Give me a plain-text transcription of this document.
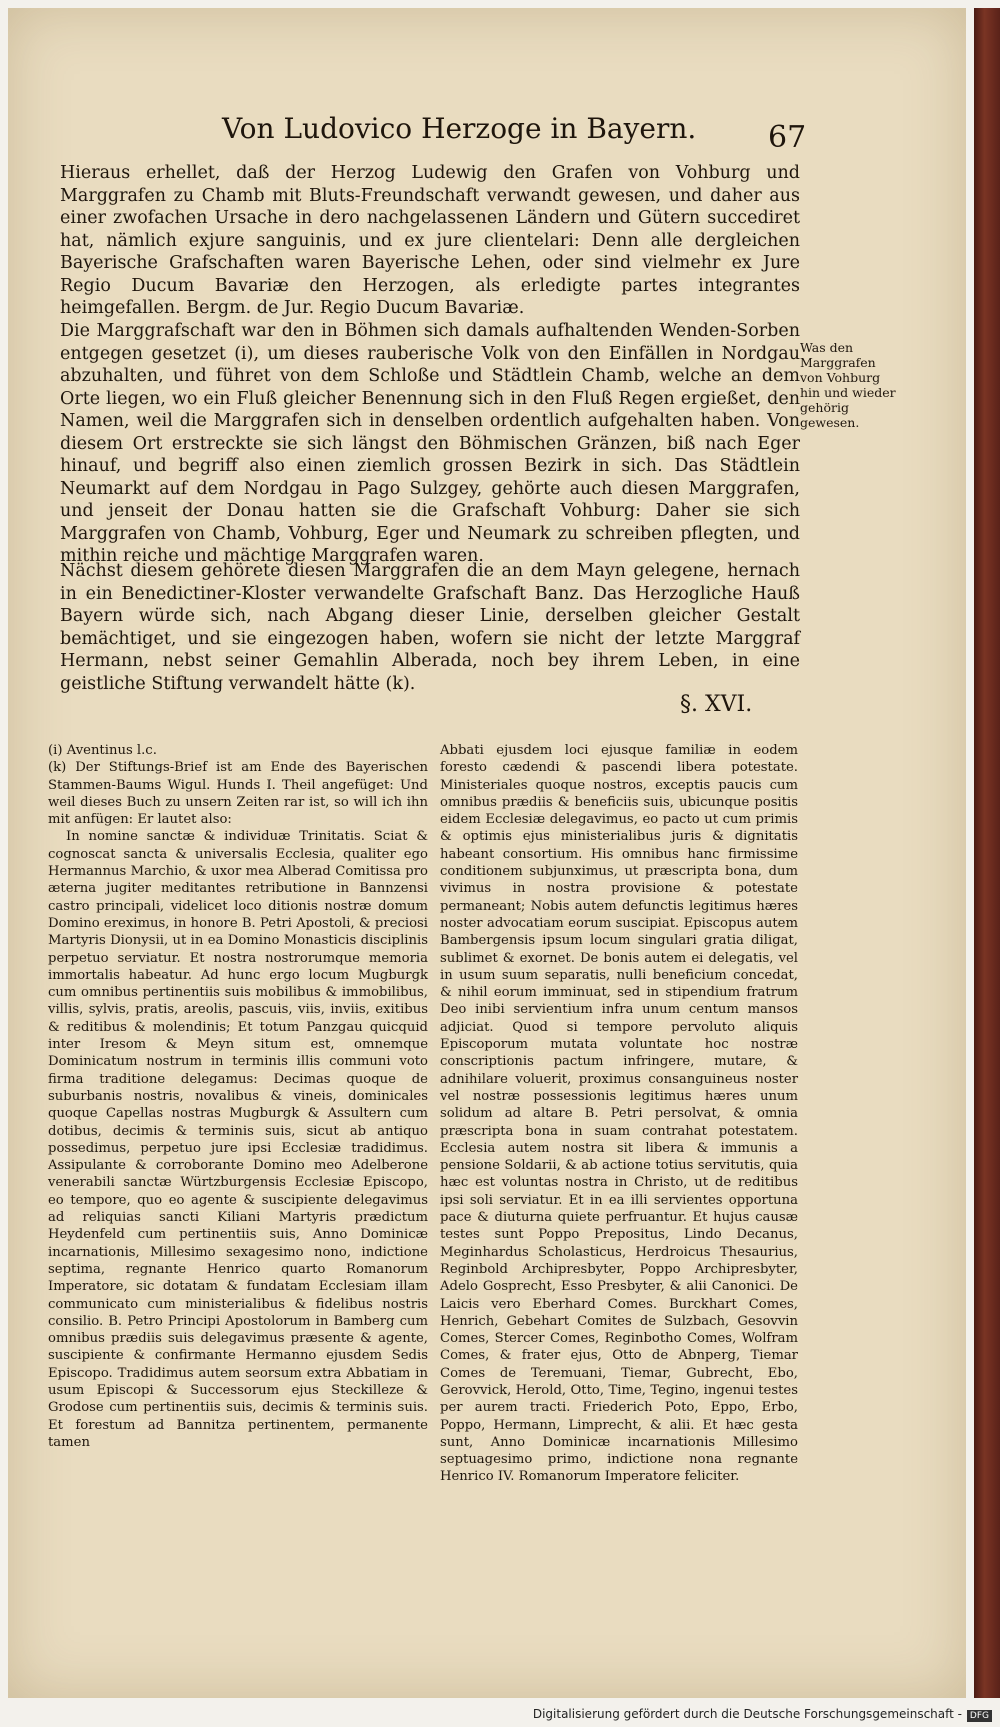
Von Ludovico Herzoge in Bayern.	67
Hieraus erhellet, daß der Herzog Ludewig den Grafen von Vohburg und Marggrafen zu Chamb mit Bluts-Freundschaft verwandt gewesen, und daher aus einer zwofachen Ursache in dero nachgelassenen Ländern und Gütern succediret hat, nämlich exjure sanguinis, und ex jure clientelari: Denn alle dergleichen Bayerische Grafschaften waren Bayerische Lehen, oder sind vielmehr ex Jure Regio Ducum Bavariæ den Herzogen, als erledigte partes integrantes heimgefallen. Bergm. de Jur. Regio Ducum Bavariæ.
Die Marggrafschaft war den in Böhmen sich damals aufhaltenden Wenden-Sorben entgegen gesetzet (i), um dieses rauberische Volk von den Einfällen in Nordgau abzuhalten, und führet von dem Schloße und Städtlein Chamb, welche an dem Orte liegen, wo ein Fluß gleicher Benennung sich in den Fluß Regen ergießet, den Namen, weil die Marggrafen sich in denselben ordentlich aufgehalten haben. Von diesem Ort erstreckte sie sich längst den Böhmischen Gränzen, biß nach Eger hinauf, und begriff also einen ziemlich grossen Bezirk in sich. Das Städtlein Neumarkt auf dem Nordgau in Pago Sulzgey, gehörte auch diesen Marggrafen, und jenseit der Donau hatten sie die Grafschaft Vohburg: Daher sie sich Marggrafen von Chamb, Vohburg, Eger und Neumark zu schreiben pflegten, und mithin reiche und mächtige Marggrafen waren.
Was den Marggrafen von Vohburg hin und wieder gehörig gewesen.
Nächst diesem gehörete diesen Marggrafen die an dem Mayn gelegene, hernach in ein Benedictiner-Kloster verwandelte Grafschaft Banz. Das Herzogliche Hauß Bayern würde sich, nach Abgang dieser Linie, derselben gleicher Gestalt bemächtiget, und sie eingezogen haben, wofern sie nicht der letzte Marggraf Hermann, nebst seiner Gemahlin Alberada, noch bey ihrem Leben, in eine geistliche Stiftung verwandelt hätte (k).
§. XVI.

(i) Aventinus l.c.

(k) Der Stiftungs-Brief ist am Ende des Bayerischen Stammen-Baums Wigul. Hunds I. Theil angefüget: Und weil dieses Buch zu unsern Zeiten rar ist, so will ich ihn mit anfügen: Er lautet also:

In nomine sanctæ & individuæ Trinitatis. Sciat & cognoscat sancta & universalis Ecclesia, qualiter ego Hermannus Marchio, & uxor mea Alberad Comitissa pro æterna jugiter meditantes retributione in Bannzensi castro principali, videlicet loco ditionis nostræ domum Domino ereximus, in honore B. Petri Apostoli, & preciosi Martyris Dionysii, ut in ea Domino Monasticis disciplinis perpetuo serviatur. Et nostra nostrorumque memoria immortalis habeatur. Ad hunc ergo locum Mugburgk cum omnibus pertinentiis suis mobilibus & immobilibus, villis, sylvis, pratis, areolis, pascuis, viis, inviis, exitibus & reditibus & molendinis; Et totum Panzgau quicquid inter Iresom & Meyn situm est, omnemque Dominicatum nostrum in terminis illis communi voto firma traditione delegamus: Decimas quoque de suburbanis nostris, novalibus & vineis, dominicales quoque Capellas nostras Mugburgk & Assultern cum dotibus, decimis & terminis suis, sicut ab antiquo possedimus, perpetuo jure ipsi Ecclesiæ tradidimus. Assipulante & corroborante Domino meo Adelberone venerabili sanctæ Würtzburgensis Ecclesiæ Episcopo, eo tempore, quo eo agente & suscipiente delegavimus ad reliquias sancti Kiliani Martyris prædictum Heydenfeld cum pertinentiis suis, Anno Dominicæ incarnationis, Millesimo sexagesimo nono, indictione septima, regnante Henrico quarto Romanorum Imperatore, sic dotatam & fundatam Ecclesiam illam communicato cum ministerialibus & fidelibus nostris consilio. B. Petro Principi Apostolorum in Bamberg cum omnibus prædiis suis delegavimus præsente & agente, suscipiente & confirmante Hermanno ejusdem Sedis Episcopo. Tradidimus autem seorsum extra Abbatiam in usum Episcopi & Successorum ejus Steckilleze & Grodose cum pertinentiis suis, decimis & terminis suis. Et forestum ad Bannitza pertinentem, permanente tamen

Abbati ejusdem loci ejusque familiæ in eodem foresto cædendi & pascendi libera potestate. Ministeriales quoque nostros, exceptis paucis cum omnibus prædiis & beneficiis suis, ubicunque positis eidem Ecclesiæ delegavimus, eo pacto ut cum primis & optimis ejus ministerialibus juris & dignitatis habeant consortium. His omnibus hanc firmissime conditionem subjunximus, ut præscripta bona, dum vivimus in nostra provisione & potestate permaneant; Nobis autem defunctis legitimus hæres noster advocatiam eorum suscipiat. Episcopus autem Bambergensis ipsum locum singulari gratia diligat, sublimet & exornet. De bonis autem ei delegatis, vel in usum suum separatis, nulli beneficium concedat, & nihil eorum imminuat, sed in stipendium fratrum Deo inibi servientium infra unum centum mansos adjiciat. Quod si tempore pervoluto aliquis Episcoporum mutata voluntate hoc nostræ conscriptionis pactum infringere, mutare, & adnihilare voluerit, proximus consanguineus noster vel nostræ possessionis legitimus hæres unum solidum ad altare B. Petri persolvat, & omnia præscripta bona in suam contrahat potestatem. Ecclesia autem nostra sit libera & immunis a pensione Soldarii, & ab actione totius servitutis, quia hæc est voluntas nostra in Christo, ut de reditibus ipsi soli serviatur. Et in ea illi servientes opportuna pace & diuturna quiete perfruantur. Et hujus causæ testes sunt Poppo Prepositus, Lindo Decanus, Meginhardus Scholasticus, Herdroicus Thesaurius, Reginbold Archipresbyter, Poppo Archipresbyter, Adelo Gosprecht, Esso Presbyter, & alii Canonici. De Laicis vero Eberhard Comes. Burckhart Comes, Henrich, Gebehart Comites de Sulzbach, Gesovvin Comes, Stercer Comes, Reginbotho Comes, Wolfram Comes, & frater ejus, Otto de Abnperg, Tiemar Comes de Teremuani, Tiemar, Gubrecht, Ebo, Gerovvick, Herold, Otto, Time, Tegino, ingenui testes per aurem tracti. Friederich Poto, Eppo, Erbo, Poppo, Hermann, Limprecht, & alii. Et hæc gesta sunt, Anno Dominicæ incarnationis Millesimo septuagesimo primo, indictione nona regnante Henrico IV. Romanorum Imperatore feliciter.

Digitalisierung gefördert durch die Deutsche Forschungsgemeinschaft - DFG
